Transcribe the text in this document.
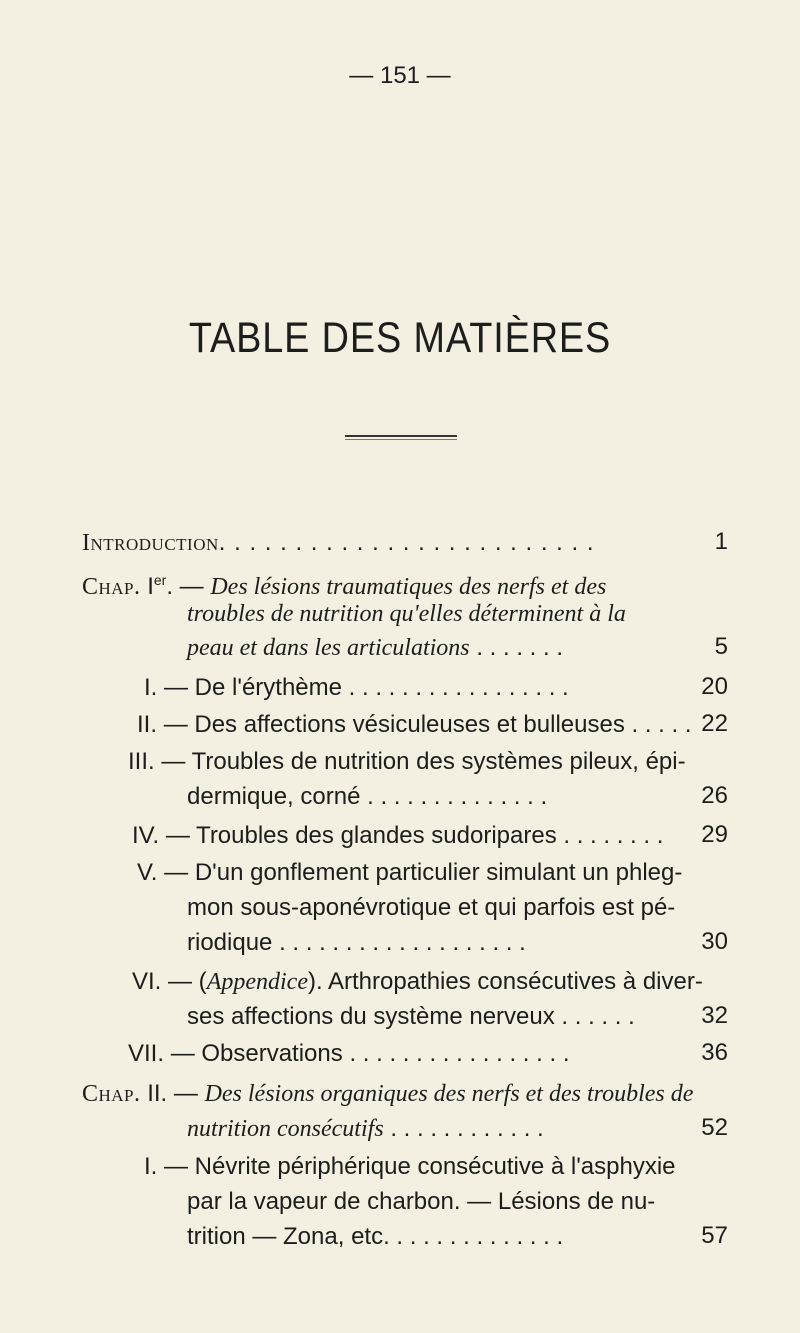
— 151 —
TABLE DES MATIÈRES
Introduction. . . . . . . . . . . . . . . . . . . . . . . . .	1
Chap. Ier. — Des lésions traumatiques des nerfs et des
troubles de nutrition qu'elles déterminent à la
peau et dans les articulations . . . . . . .	5
I. — De l'érythème . . . . . . . . . . . . . . . . .	20
II. — Des affections vésiculeuses et bulleuses . . . . . 22
III. — Troubles de nutrition des systèmes pileux, épi-
dermique, corné . . . . . . . . . . . . . .	26
IV. — Troubles des glandes sudoripares . . . . . . . . 29
V. — D'un gonflement particulier simulant un phleg-
mon sous-aponévrotique et qui parfois est pé-
riodique . . . . . . . . . . . . . . . . . . .	30
VI. — (Appendice). Arthropathies consécutives à diver-
ses affections du système nerveux . . . . . .	32
VII. — Observations . . . . . . . . . . . . . . . . .	36
Chap. II. — Des lésions organiques des nerfs et des troubles de
nutrition consécutifs . . . . . . . . . . . .	52
I. — Névrite périphérique consécutive à l'asphyxie
par la vapeur de charbon. — Lésions de nu-
trition — Zona, etc. . . . . . . . . . . . . .	57
